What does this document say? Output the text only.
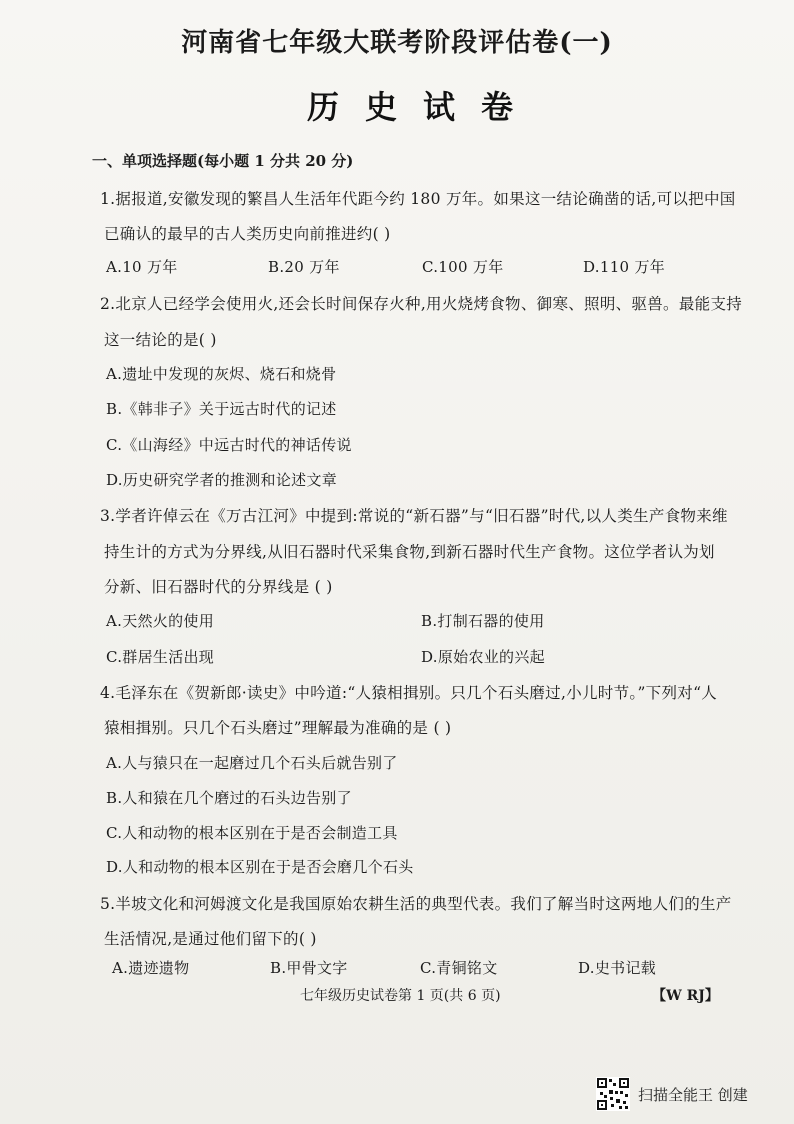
河南省七年级大联考阶段评估卷(一)
历史试卷
一、单项选择题(每小题 1 分共 20 分)
1.据报道,安徽发现的繁昌人生活年代距今约 180 万年。如果这一结论确凿的话,可以把中国
已确认的最早的古人类历史向前推进约( )
A.10 万年	B.20 万年	C.100 万年	D.110 万年
2.北京人已经学会使用火,还会长时间保存火种,用火烧烤食物、御寒、照明、驱兽。最能支持
这一结论的是( )
A.遗址中发现的灰烬、烧石和烧骨
B.《韩非子》关于远古时代的记述
C.《山海经》中远古时代的神话传说
D.历史研究学者的推测和论述文章
3.学者许倬云在《万古江河》中提到:常说的“新石器”与“旧石器”时代,以人类生产食物来维
持生计的方式为分界线,从旧石器时代采集食物,到新石器时代生产食物。这位学者认为划
分新、旧石器时代的分界线是 ( )
A.天然火的使用	B.打制石器的使用
C.群居生活出现	D.原始农业的兴起
4.毛泽东在《贺新郎·读史》中吟道:“人猿相揖别。只几个石头磨过,小儿时节。”下列对“人
猿相揖别。只几个石头磨过”理解最为准确的是 ( )
A.人与猿只在一起磨过几个石头后就告别了
B.人和猿在几个磨过的石头边告别了
C.人和动物的根本区别在于是否会制造工具
D.人和动物的根本区别在于是否会磨几个石头
5.半坡文化和河姆渡文化是我国原始农耕生活的典型代表。我们了解当时这两地人们的生产
生活情况,是通过他们留下的( )
A.遗迹遗物	B.甲骨文字	C.青铜铭文	D.史书记载
七年级历史试卷第 1 页(共 6 页)	【W RJ】
扫描全能王 创建
